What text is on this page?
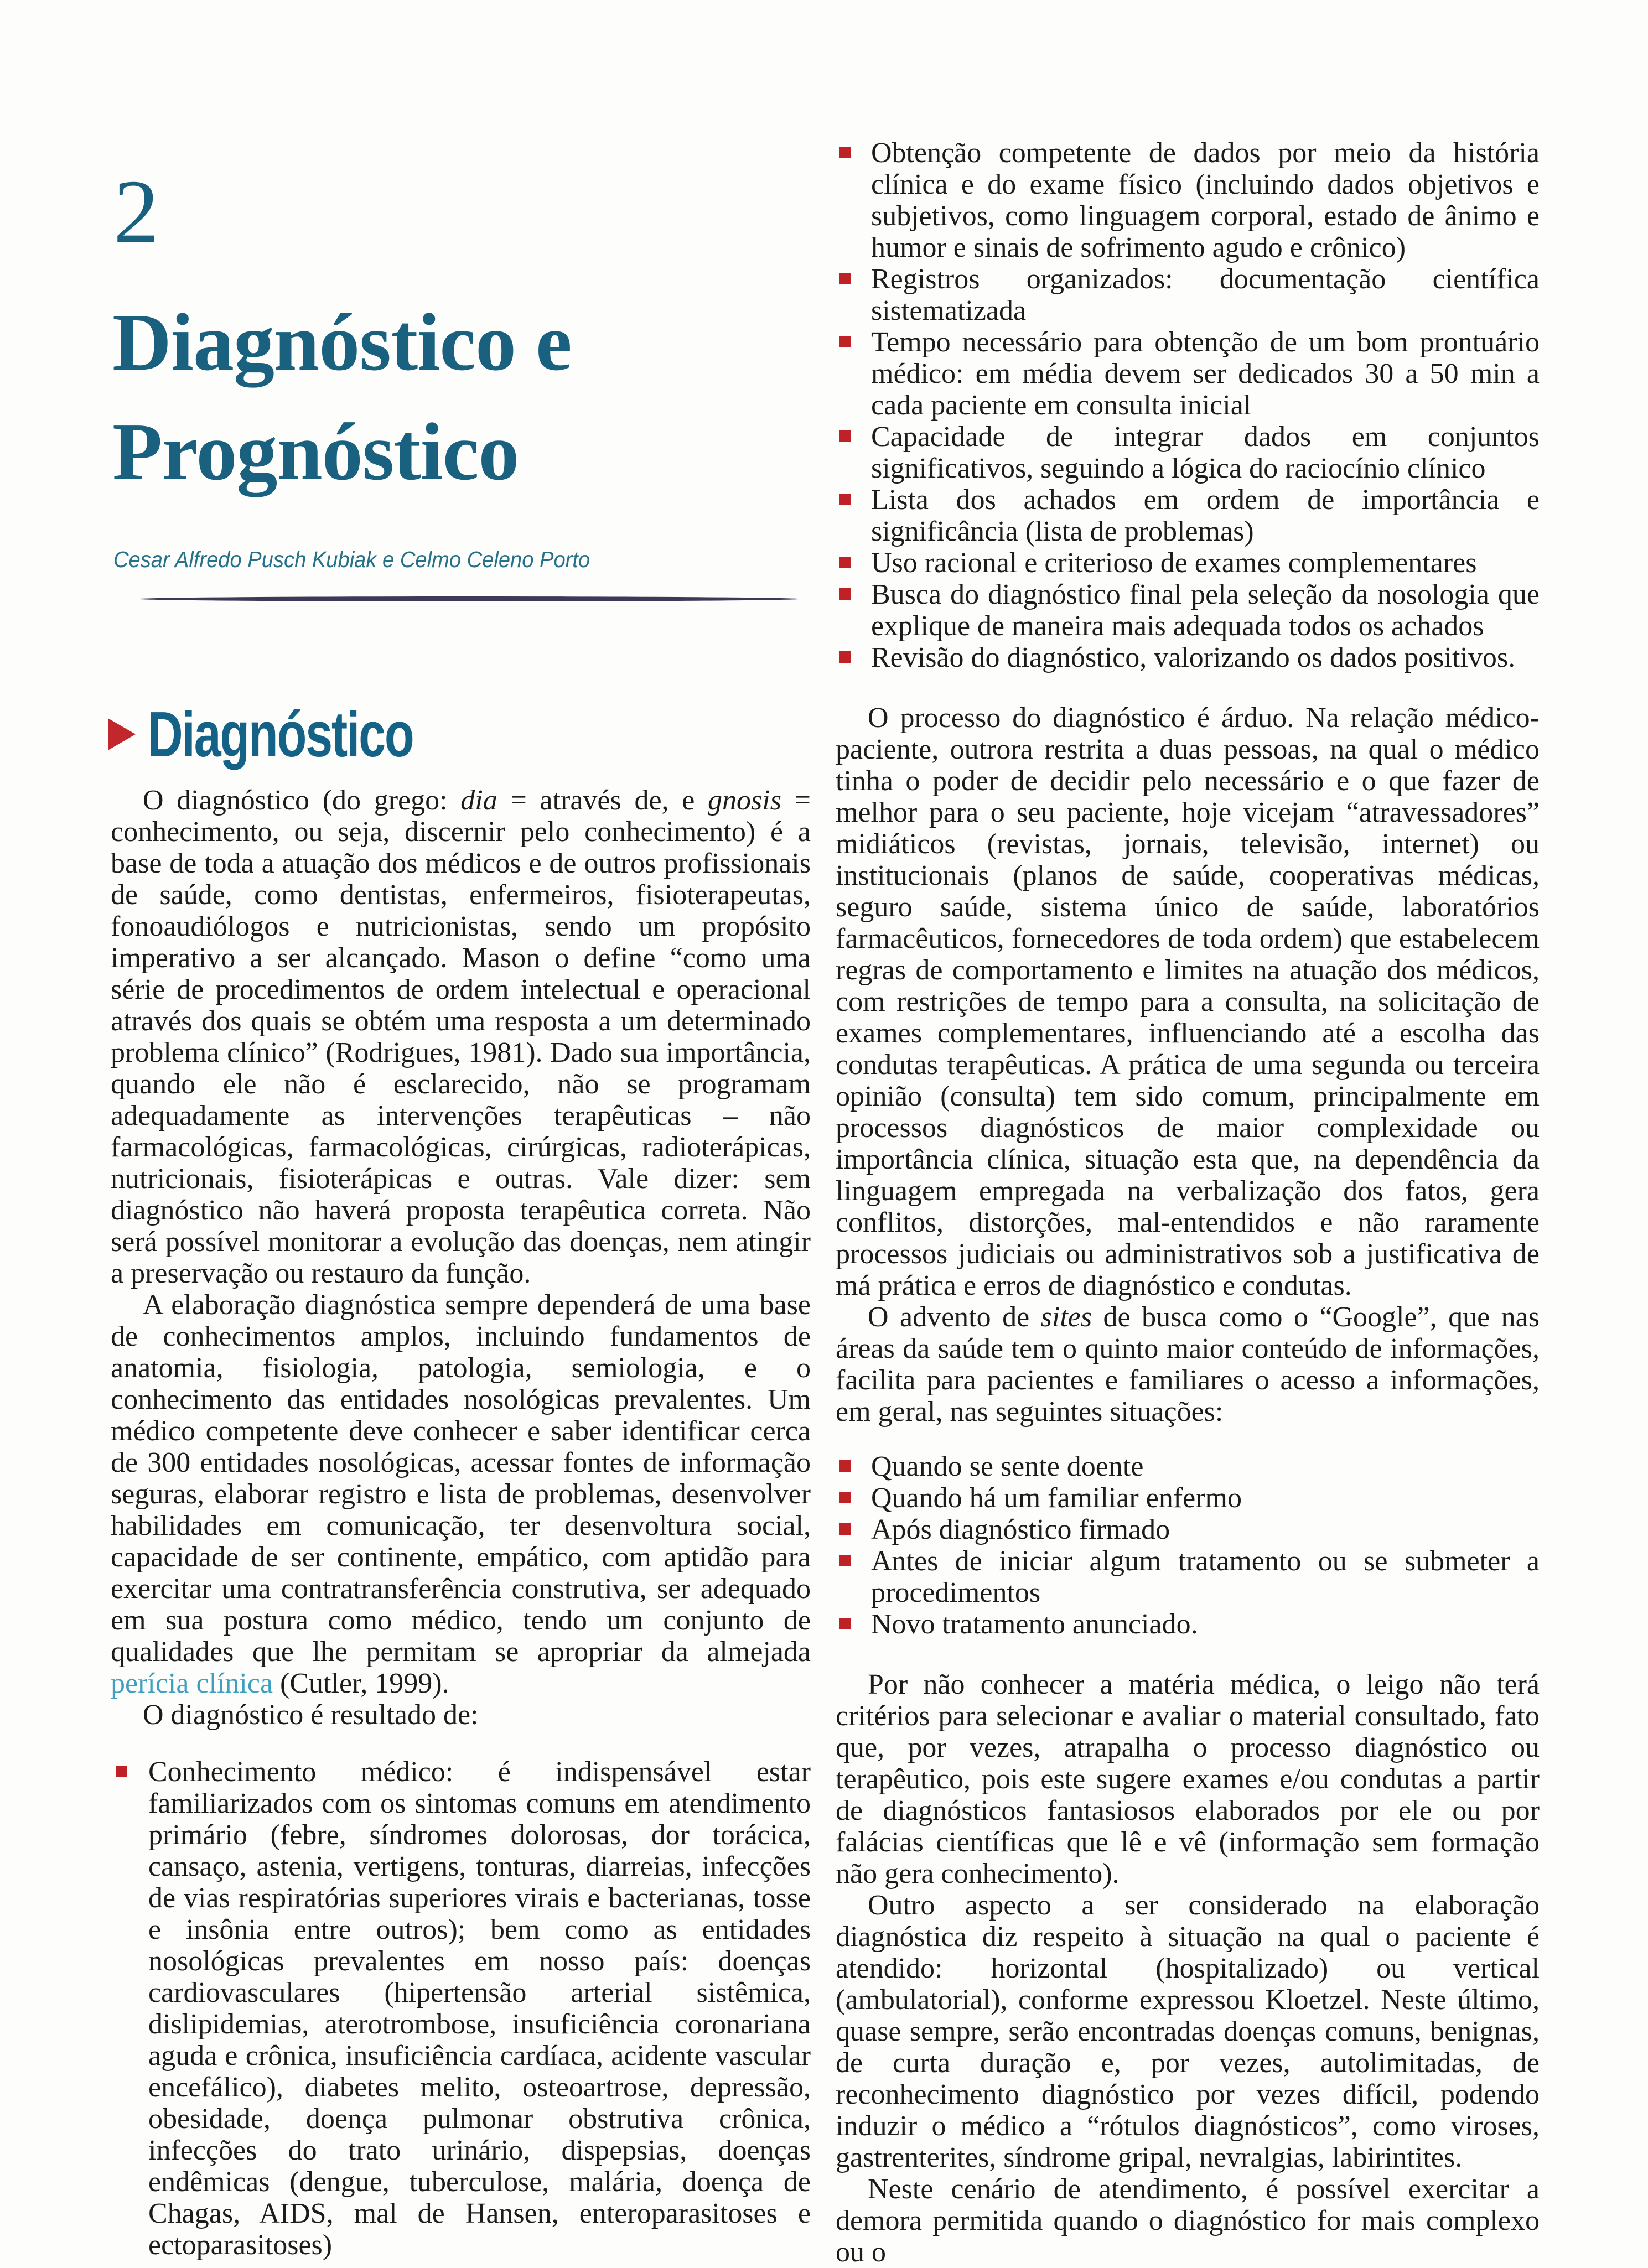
2
Diagnóstico e
Prognóstico
Cesar Alfredo Pusch Kubiak e Celmo Celeno Porto
Diagnóstico

O diagnóstico (do grego: dia = através de, e gnosis = conhecimento, ou seja, discernir pelo conhecimento) é a base de toda a atuação dos médicos e de outros profissionais de saúde, como dentistas, enfermeiros, fisioterapeutas, fonoaudiólogos e nutricionistas, sendo um propósito imperativo a ser alcançado. Mason o define “como uma série de procedimentos de ordem intelectual e operacional através dos quais se obtém uma resposta a um determinado problema clínico” (Rodrigues, 1981). Dado sua importância, quando ele não é esclarecido, não se programam adequadamente as intervenções terapêuticas – não farmacológicas, farmacológicas, cirúrgicas, radioterápicas, nutricionais, fisioterápicas e outras. Vale dizer: sem diagnóstico não haverá proposta terapêutica correta. Não será possível monitorar a evolução das doenças, nem atingir a preservação ou restauro da função.

A elaboração diagnóstica sempre dependerá de uma base de conhecimentos amplos, incluindo fundamentos de anatomia, fisiologia, patologia, semiologia, e o conhecimento das entidades nosológicas prevalentes. Um médico competente deve conhecer e saber identificar cerca de 300 entidades nosológicas, acessar fontes de informação seguras, elaborar registro e lista de problemas, desenvolver habilidades em comunicação, ter desenvoltura social, capacidade de ser continente, empático, com aptidão para exercitar uma contratransferência construtiva, ser adequado em sua postura como médico, tendo um conjunto de qualidades que lhe permitam se apropriar da almejada perícia clínica (Cutler, 1999).

O diagnóstico é resultado de:

Conhecimento médico: é indispensável estar familiarizados com os sintomas comuns em atendimento primário (febre, síndromes dolorosas, dor torácica, cansaço, astenia, vertigens, tonturas, diarreias, infecções de vias respiratórias superiores virais e bacterianas, tosse e insônia entre outros); bem como as entidades nosológicas prevalentes em nosso país: doenças cardiovasculares (hipertensão arterial sistêmica, dislipidemias, aterotrombose, insuficiência coronariana aguda e crônica, insuficiência cardíaca, acidente vascular encefálico), diabetes melito, osteoartrose, depressão, obesidade, doença pulmonar obstrutiva crônica, infecções do trato urinário, dispepsias, doenças endêmicas (dengue, tuberculose, malária, doença de Chagas, AIDS, mal de Hansen, enteroparasitoses e ectoparasitoses)
Obtenção competente de dados por meio da história clínica e do exame físico (incluindo dados objetivos e subjetivos, como linguagem corporal, estado de ânimo e humor e sinais de sofrimento agudo e crônico)
Registros organizados: documentação científica sistematizada
Tempo necessário para obtenção de um bom prontuário médico: em média devem ser dedicados 30 a 50 min a cada paciente em consulta inicial
Capacidade de integrar dados em conjuntos significativos, seguindo a lógica do raciocínio clínico
Lista dos achados em ordem de importância e significância (lista de problemas)
Uso racional e criterioso de exames complementares
Busca do diagnóstico final pela seleção da nosologia que explique de maneira mais adequada todos os achados
Revisão do diagnóstico, valorizando os dados positivos.

O processo do diagnóstico é árduo. Na relação médico-paciente, outrora restrita a duas pessoas, na qual o médico tinha o poder de decidir pelo necessário e o que fazer de melhor para o seu paciente, hoje vicejam “atravessadores” midiáticos (revistas, jornais, televisão, internet) ou institucionais (planos de saúde, cooperativas médicas, seguro saúde, sistema único de saúde, laboratórios farmacêuticos, fornecedores de toda ordem) que estabelecem regras de comportamento e limites na atuação dos médicos, com restrições de tempo para a consulta, na solicitação de exames complementares, influenciando até a escolha das condutas terapêuticas. A prática de uma segunda ou terceira opinião (consulta) tem sido comum, principalmente em processos diagnósticos de maior complexidade ou importância clínica, situação esta que, na dependência da linguagem empregada na verbalização dos fatos, gera conflitos, distorções, mal-entendidos e não raramente processos judiciais ou administrativos sob a justificativa de má prática e erros de diagnóstico e condutas.

O advento de sites de busca como o “Google”, que nas áreas da saúde tem o quinto maior conteúdo de informações, facilita para pacientes e familiares o acesso a informações, em geral, nas seguintes situações:

Quando se sente doente
Quando há um familiar enfermo
Após diagnóstico firmado
Antes de iniciar algum tratamento ou se submeter a procedimentos
Novo tratamento anunciado.

Por não conhecer a matéria médica, o leigo não terá critérios para selecionar e avaliar o material consultado, fato que, por vezes, atrapalha o processo diagnóstico ou terapêutico, pois este sugere exames e/ou condutas a partir de diagnósticos fantasiosos elaborados por ele ou por falácias científicas que lê e vê (informação sem formação não gera conhecimento).

Outro aspecto a ser considerado na elaboração diagnóstica diz respeito à situação na qual o paciente é atendido: horizontal (hospitalizado) ou vertical (ambulatorial), conforme expressou Kloetzel. Neste último, quase sempre, serão encontradas doenças comuns, benignas, de curta duração e, por vezes, autolimitadas, de reconhecimento diagnóstico por vezes difícil, podendo induzir o médico a “rótulos diagnósticos”, como viroses, gastrenterites, síndrome gripal, nevralgias, labirintites.

Neste cenário de atendimento, é possível exercitar a demora permitida quando o diagnóstico for mais complexo ou o
